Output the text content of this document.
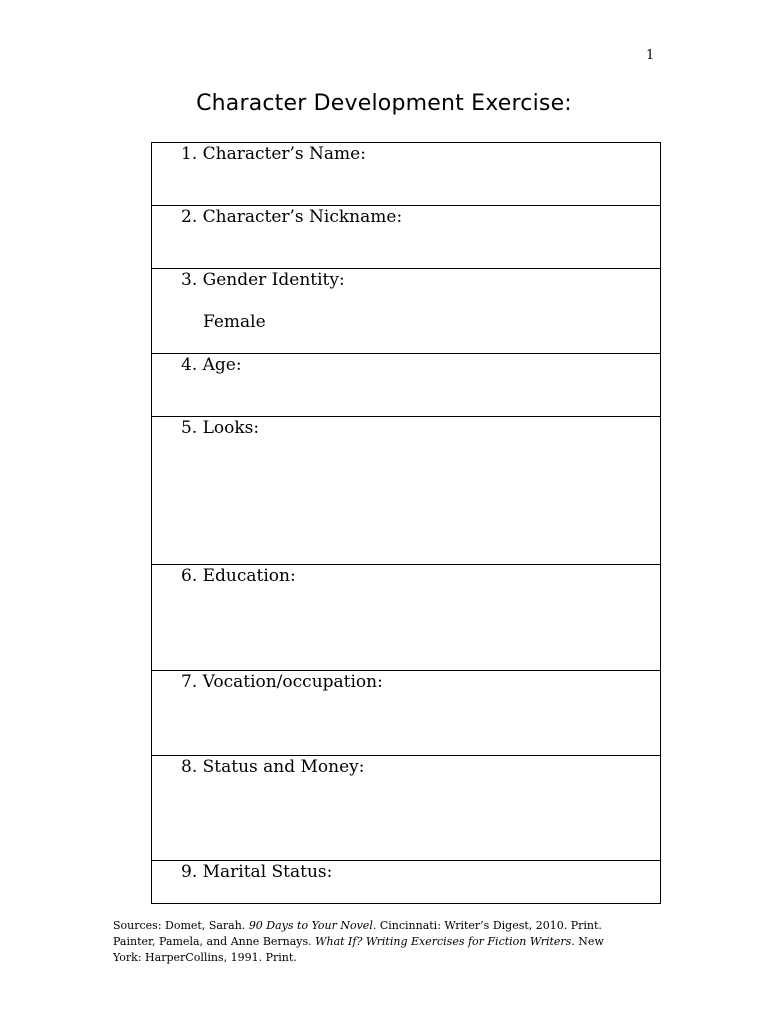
1
Character Development Exercise:
1. Character’s Name:

2. Character’s Nickname:

3. Gender Identity:
Female

4. Age:

5. Looks:

6. Education:

7. Vocation/occupation:

8. Status and Money:

9. Marital Status:
Sources: Domet, Sarah. 90 Days to Your Novel. Cincinnati: Writer’s Digest, 2010. Print.
Painter, Pamela, and Anne Bernays. What If? Writing Exercises for Fiction Writers. New York: HarperCollins, 1991. Print.
